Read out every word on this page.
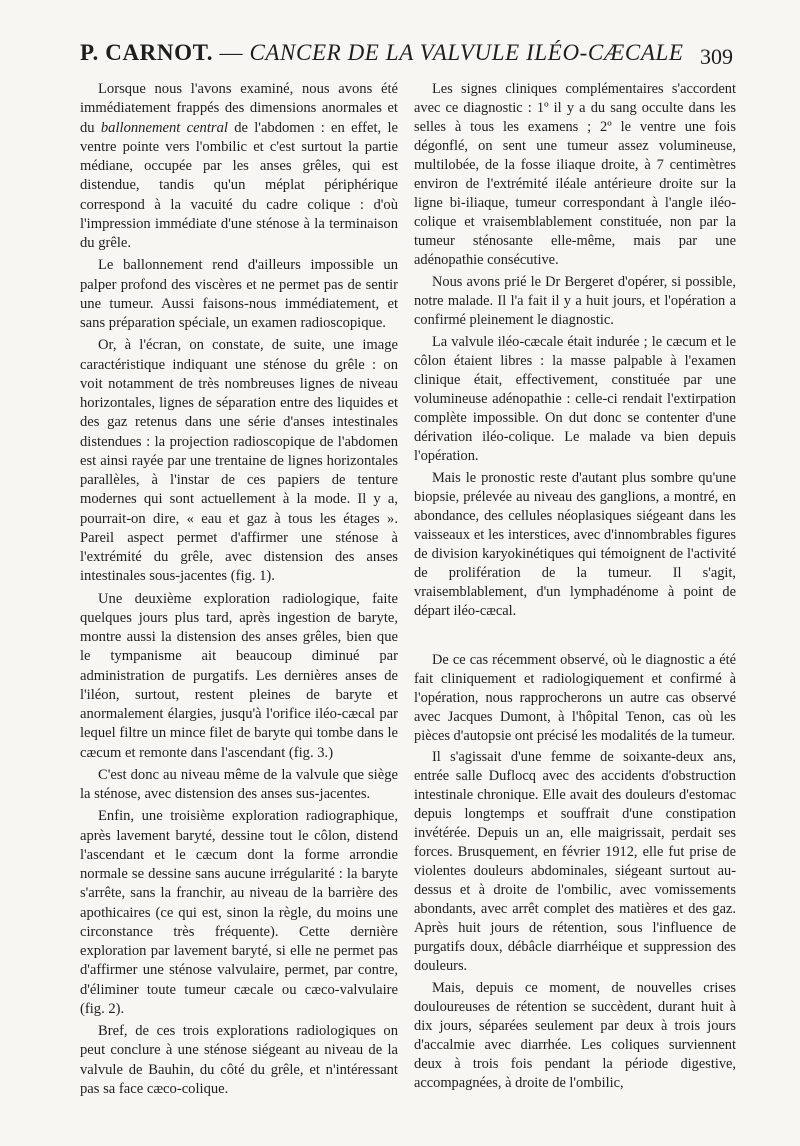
P. CARNOT. — CANCER DE LA VALVULE ILÉO-CÆCALE 309

Lorsque nous l'avons examiné, nous avons été immédiatement frappés des dimensions anormales et du ballonnement central de l'abdomen : en effet, le ventre pointe vers l'ombilic et c'est surtout la partie médiane, occupée par les anses grêles, qui est distendue, tandis qu'un méplat périphérique correspond à la vacuité du cadre colique : d'où l'impression immédiate d'une sténose à la terminaison du grêle.

Le ballonnement rend d'ailleurs impossible un palper profond des viscères et ne permet pas de sentir une tumeur. Aussi faisons-nous immédiatement, et sans préparation spéciale, un examen radioscopique.

Or, à l'écran, on constate, de suite, une image caractéristique indiquant une sténose du grêle : on voit notamment de très nombreuses lignes de niveau horizontales, lignes de séparation entre des liquides et des gaz retenus dans une série d'anses intestinales distendues : la projection radioscopique de l'abdomen est ainsi rayée par une trentaine de lignes horizontales parallèles, à l'instar de ces papiers de tenture modernes qui sont actuellement à la mode. Il y a, pourrait-on dire, « eau et gaz à tous les étages ». Pareil aspect permet d'affirmer une sténose à l'extrémité du grêle, avec distension des anses intestinales sous-jacentes (fig. 1).

Une deuxième exploration radiologique, faite quelques jours plus tard, après ingestion de baryte, montre aussi la distension des anses grêles, bien que le tympanisme ait beaucoup diminué par administration de purgatifs. Les dernières anses de l'iléon, surtout, restent pleines de baryte et anormalement élargies, jusqu'à l'orifice iléo-cæcal par lequel filtre un mince filet de baryte qui tombe dans le cæcum et remonte dans l'ascendant (fig. 3.)

C'est donc au niveau même de la valvule que siège la sténose, avec distension des anses sus-jacentes.

Enfin, une troisième exploration radiographique, après lavement baryté, dessine tout le côlon, distend l'ascendant et le cæcum dont la forme arrondie normale se dessine sans aucune irrégularité : la baryte s'arrête, sans la franchir, au niveau de la barrière des apothicaires (ce qui est, sinon la règle, du moins une circonstance très fréquente). Cette dernière exploration par lavement baryté, si elle ne permet pas d'affirmer une sténose valvulaire, permet, par contre, d'éliminer toute tumeur cæcale ou cæco-valvulaire (fig. 2).

Bref, de ces trois explorations radiologiques on peut conclure à une sténose siégeant au niveau de la valvule de Bauhin, du côté du grêle, et n'intéressant pas sa face cæco-colique.

Les signes cliniques complémentaires s'accordent avec ce diagnostic : 1º il y a du sang occulte dans les selles à tous les examens ; 2º le ventre une fois dégonflé, on sent une tumeur assez volumineuse, multilobée, de la fosse iliaque droite, à 7 centimètres environ de l'extrémité iléale antérieure droite sur la ligne bi-iliaque, tumeur correspondant à l'angle iléo-colique et vraisemblablement constituée, non par la tumeur sténosante elle-même, mais par une adénopathie consécutive.

Nous avons prié le Dr Bergeret d'opérer, si possible, notre malade. Il l'a fait il y a huit jours, et l'opération a confirmé pleinement le diagnostic.

La valvule iléo-cæcale était indurée ; le cæcum et le côlon étaient libres : la masse palpable à l'examen clinique était, effectivement, constituée par une volumineuse adénopathie : celle-ci rendait l'extirpation complète impossible. On dut donc se contenter d'une dérivation iléo-colique. Le malade va bien depuis l'opération.

Mais le pronostic reste d'autant plus sombre qu'une biopsie, prélevée au niveau des ganglions, a montré, en abondance, des cellules néoplasiques siégeant dans les vaisseaux et les interstices, avec d'innombrables figures de division karyokinétiques qui témoignent de l'activité de prolifération de la tumeur. Il s'agit, vraisemblablement, d'un lymphadénome à point de départ iléo-cæcal.

De ce cas récemment observé, où le diagnostic a été fait cliniquement et radiologiquement et confirmé à l'opération, nous rapprocherons un autre cas observé avec Jacques Dumont, à l'hôpital Tenon, cas où les pièces d'autopsie ont précisé les modalités de la tumeur.

Il s'agissait d'une femme de soixante-deux ans, entrée salle Duflocq avec des accidents d'obstruction intestinale chronique. Elle avait des douleurs d'estomac depuis longtemps et souffrait d'une constipation invétérée. Depuis un an, elle maigrissait, perdait ses forces. Brusquement, en février 1912, elle fut prise de violentes douleurs abdominales, siégeant surtout au-dessus et à droite de l'ombilic, avec vomissements abondants, avec arrêt complet des matières et des gaz. Après huit jours de rétention, sous l'influence de purgatifs doux, débâcle diarrhéique et suppression des douleurs.

Mais, depuis ce moment, de nouvelles crises douloureuses de rétention se succèdent, durant huit à dix jours, séparées seulement par deux à trois jours d'accalmie avec diarrhée. Les coliques surviennent deux à trois fois pendant la période digestive, accompagnées, à droite de l'ombilic,
